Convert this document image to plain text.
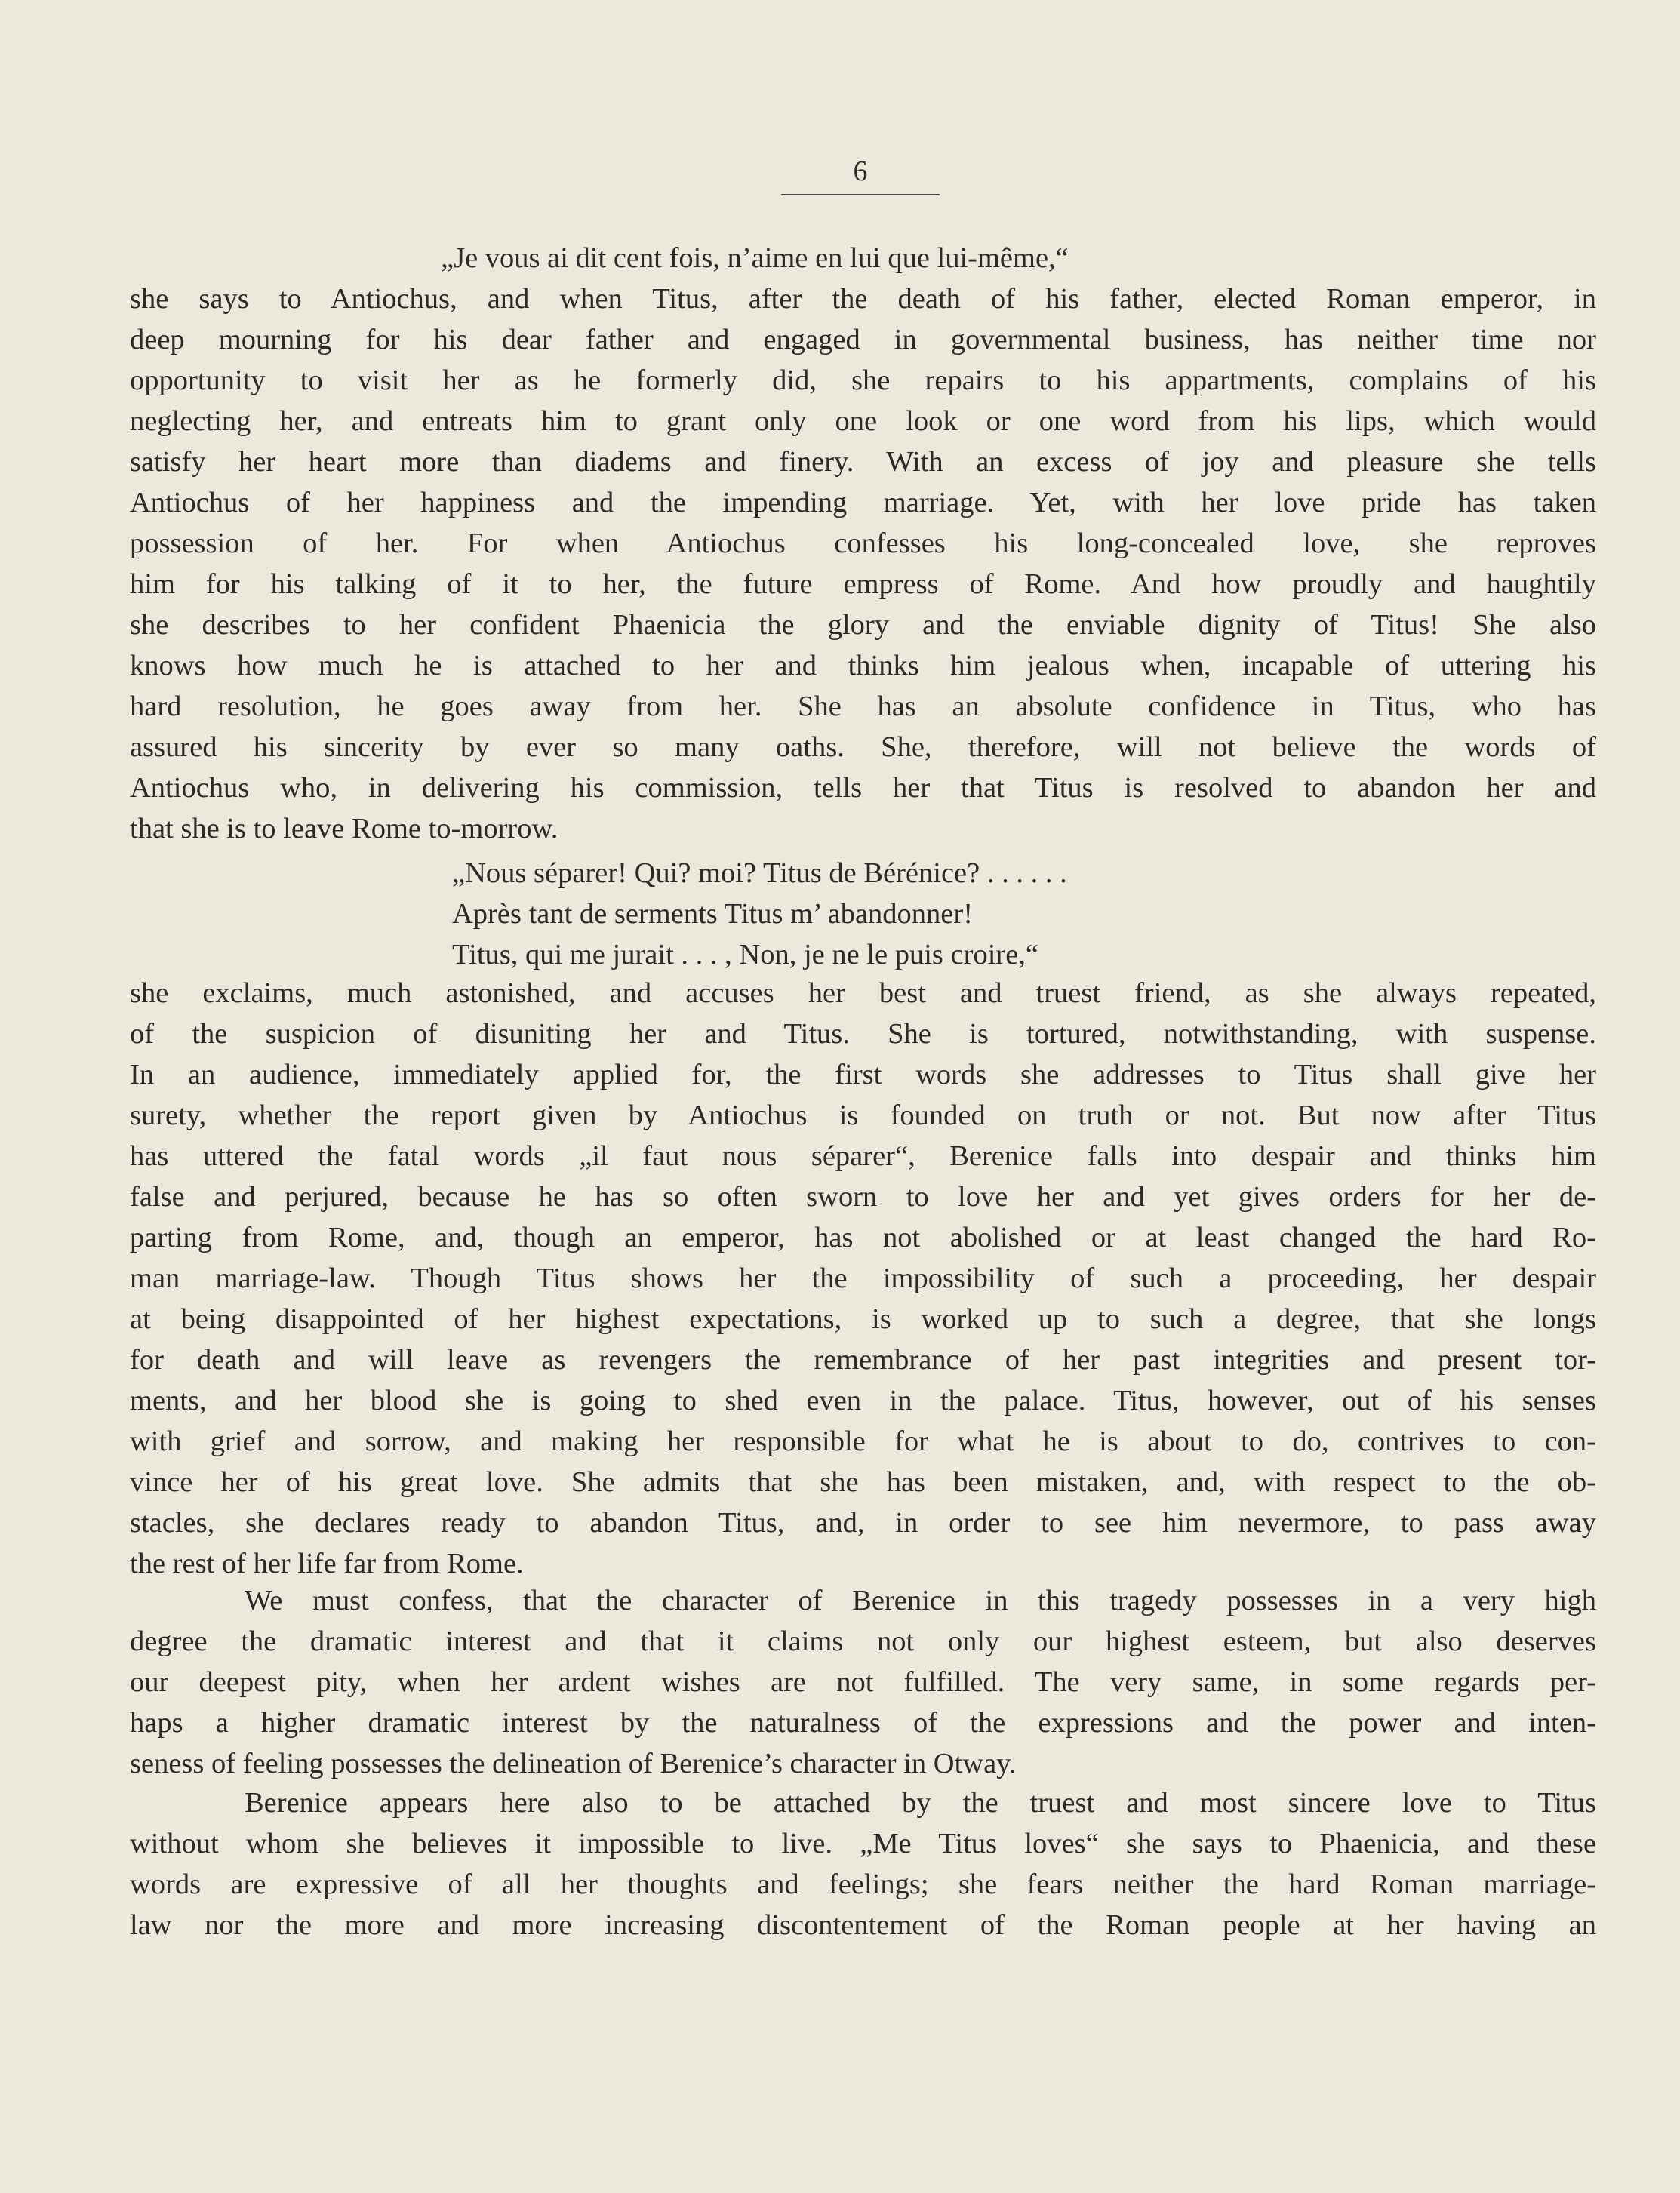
6
„Je vous ai dit cent fois, n’aime en lui que lui-même,“
she says to Antiochus, and when Titus, after the death of his father, elected Roman emperor, in
deep mourning for his dear father and engaged in governmental business, has neither time nor
opportunity to visit her as he formerly did, she repairs to his appartments, complains of his
neglecting her, and entreats him to grant only one look or one word from his lips, which would
satisfy her heart more than diadems and finery. With an excess of joy and pleasure she tells
Antiochus of her happiness and the impending marriage. Yet, with her love pride has taken
possession of her. For when Antiochus confesses his long-concealed love, she reproves
him for his talking of it to her, the future empress of Rome. And how proudly and haughtily
she describes to her confident Phaenicia the glory and the enviable dignity of Titus! She also
knows how much he is attached to her and thinks him jealous when, incapable of uttering his
hard resolution, he goes away from her. She has an absolute confidence in Titus, who has
assured his sincerity by ever so many oaths. She, therefore, will not believe the words of
Antiochus who, in delivering his commission, tells her that Titus is resolved to abandon her and
that she is to leave Rome to-morrow.
„Nous séparer! Qui? moi? Titus de Bérénice? . . . . . .
Après tant de serments Titus m’ abandonner!
Titus, qui me jurait . . . , Non, je ne le puis croire,“
she exclaims, much astonished, and accuses her best and truest friend, as she always repeated,
of the suspicion of disuniting her and Titus. She is tortured, notwithstanding, with suspense.
In an audience, immediately applied for, the first words she addresses to Titus shall give her
surety, whether the report given by Antiochus is founded on truth or not. But now after Titus
has uttered the fatal words „il faut nous séparer“, Berenice falls into despair and thinks him
false and perjured, because he has so often sworn to love her and yet gives orders for her de-
parting from Rome, and, though an emperor, has not abolished or at least changed the hard Ro-
man marriage-law. Though Titus shows her the impossibility of such a proceeding, her despair
at being disappointed of her highest expectations, is worked up to such a degree, that she longs
for death and will leave as revengers the remembrance of her past integrities and present tor-
ments, and her blood she is going to shed even in the palace. Titus, however, out of his senses
with grief and sorrow, and making her responsible for what he is about to do, contrives to con-
vince her of his great love. She admits that she has been mistaken, and, with respect to the ob-
stacles, she declares ready to abandon Titus, and, in order to see him nevermore, to pass away
the rest of her life far from Rome.
We must confess, that the character of Berenice in this tragedy possesses in a very high
degree the dramatic interest and that it claims not only our highest esteem, but also deserves
our deepest pity, when her ardent wishes are not fulfilled. The very same, in some regards per-
haps a higher dramatic interest by the naturalness of the expressions and the power and inten-
seness of feeling possesses the delineation of Berenice’s character in Otway.
Berenice appears here also to be attached by the truest and most sincere love to Titus
without whom she believes it impossible to live. „Me Titus loves“ she says to Phaenicia, and these
words are expressive of all her thoughts and feelings; she fears neither the hard Roman marriage-
law nor the more and more increasing discontentement of the Roman people at her having an
